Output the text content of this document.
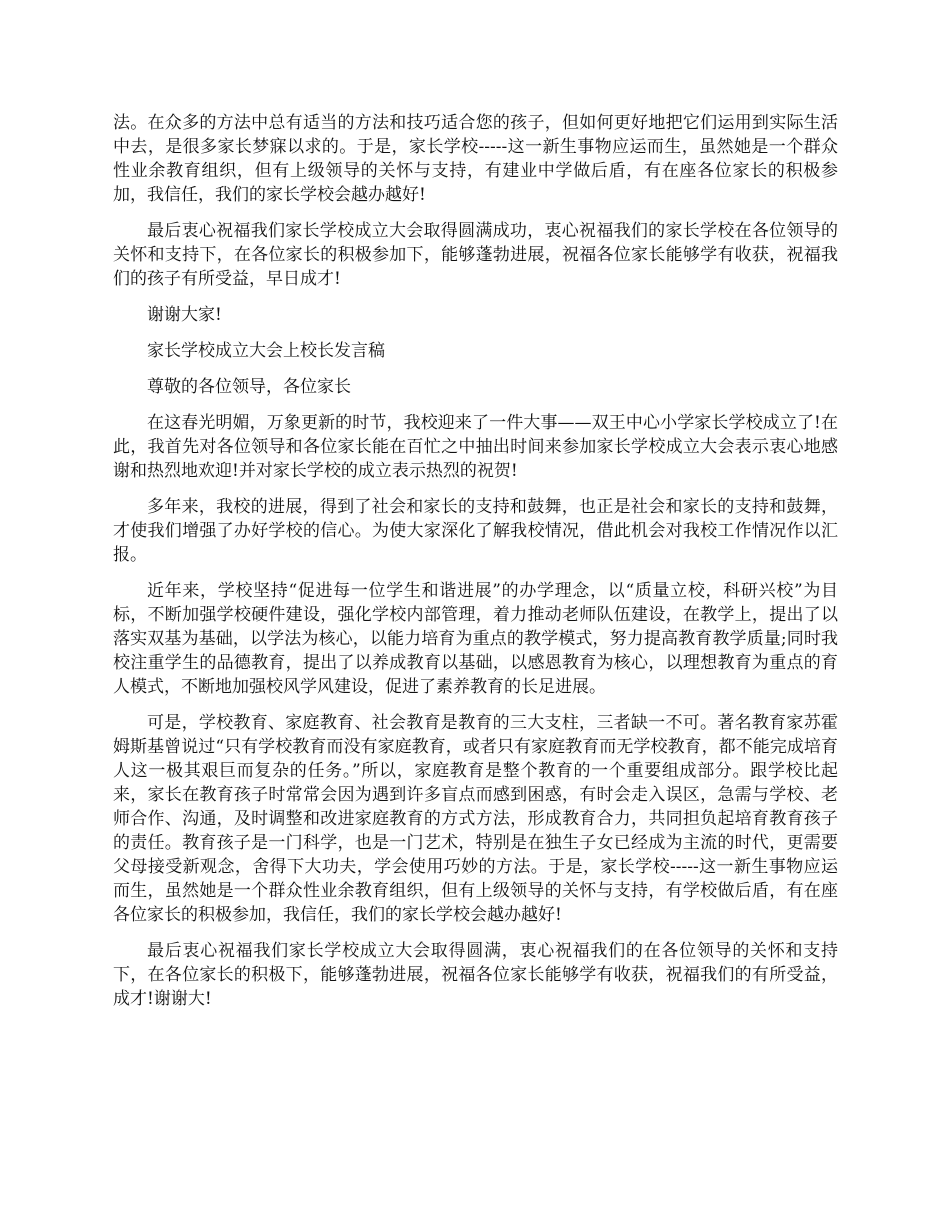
法。在众多的方法中总有适当的方法和技巧适合您的孩子，但如何更好地把它们运用到实际生活中去，是很多家长梦寐以求的。于是，家长学校-----这一新生事物应运而生，虽然她是一个群众性业余教育组织，但有上级领导的关怀与支持，有建业中学做后盾，有在座各位家长的积极参加，我信任，我们的家长学校会越办越好!

最后衷心祝福我们家长学校成立大会取得圆满成功，衷心祝福我们的家长学校在各位领导的关怀和支持下，在各位家长的积极参加下，能够蓬勃进展，祝福各位家长能够学有收获，祝福我们的孩子有所受益，早日成才!

谢谢大家!

家长学校成立大会上校长发言稿

尊敬的各位领导，各位家长

在这春光明媚，万象更新的时节，我校迎来了一件大事——双王中心小学家长学校成立了!在此，我首先对各位领导和各位家长能在百忙之中抽出时间来参加家长学校成立大会表示衷心地感谢和热烈地欢迎!并对家长学校的成立表示热烈的祝贺!

多年来，我校的进展，得到了社会和家长的支持和鼓舞，也正是社会和家长的支持和鼓舞，才使我们增强了办好学校的信心。为使大家深化了解我校情况，借此机会对我校工作情况作以汇报。

近年来，学校坚持“促进每一位学生和谐进展”的办学理念，以“质量立校，科研兴校”为目标，不断加强学校硬件建设，强化学校内部管理，着力推动老师队伍建设，在教学上，提出了以落实双基为基础，以学法为核心，以能力培育为重点的教学模式，努力提高教育教学质量;同时我校注重学生的品德教育，提出了以养成教育以基础，以感恩教育为核心，以理想教育为重点的育人模式，不断地加强校风学风建设，促进了素养教育的长足进展。

可是，学校教育、家庭教育、社会教育是教育的三大支柱，三者缺一不可。著名教育家苏霍姆斯基曾说过“只有学校教育而没有家庭教育，或者只有家庭教育而无学校教育，都不能完成培育人这一极其艰巨而复杂的任务。”所以，家庭教育是整个教育的一个重要组成部分。跟学校比起来，家长在教育孩子时常常会因为遇到许多盲点而感到困惑，有时会走入误区，急需与学校、老师合作、沟通，及时调整和改进家庭教育的方式方法，形成教育合力，共同担负起培育教育孩子的责任。教育孩子是一门科学，也是一门艺术，特别是在独生子女已经成为主流的时代，更需要父母接受新观念，舍得下大功夫，学会使用巧妙的方法。于是，家长学校-----这一新生事物应运而生，虽然她是一个群众性业余教育组织，但有上级领导的关怀与支持，有学校做后盾，有在座各位家长的积极参加，我信任，我们的家长学校会越办越好!

最后衷心祝福我们家长学校成立大会取得圆满，衷心祝福我们的在各位领导的关怀和支持下，在各位家长的积极下，能够蓬勃进展，祝福各位家长能够学有收获，祝福我们的有所受益，成才!谢谢大!
